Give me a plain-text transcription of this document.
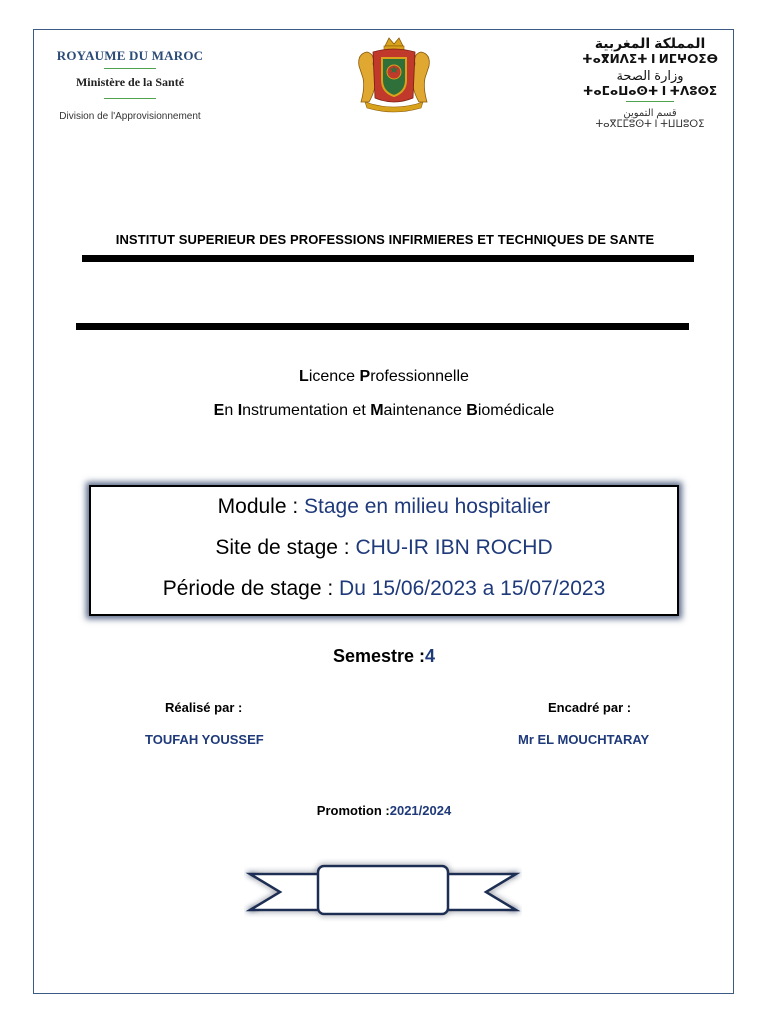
ROYAUME DU MAROC
Ministère de la Santé
Division de l'Approvisionnement
المملكة المغربية
ⵜⴰⴳⵍⴷⵉⵜ ⵏ ⵍⵎⵖⵔⵉⴱ
وزارة الصحة
ⵜⴰⵎⴰⵡⴰⵙⵜ ⵏ ⵜⴷⵓⵙⵉ
قسم التموين
ⵜⴰⴳⵎⵎⵓⵙⵜ ⵏ ⵜⵡⵡⵓⵔⵉ
INSTITUT SUPERIEUR DES PROFESSIONS INFIRMIERES ET TECHNIQUES DE SANTE
Licence Professionnelle
En Instrumentation et Maintenance Biomédicale
Module : Stage en milieu hospitalier
Site de stage : CHU-IR IBN ROCHD
Période de stage : Du 15/06/2023 a 15/07/2023
Semestre :4
Réalisé par :
TOUFAH YOUSSEF
Encadré par :
Mr EL MOUCHTARAY
Promotion :2021/2024
